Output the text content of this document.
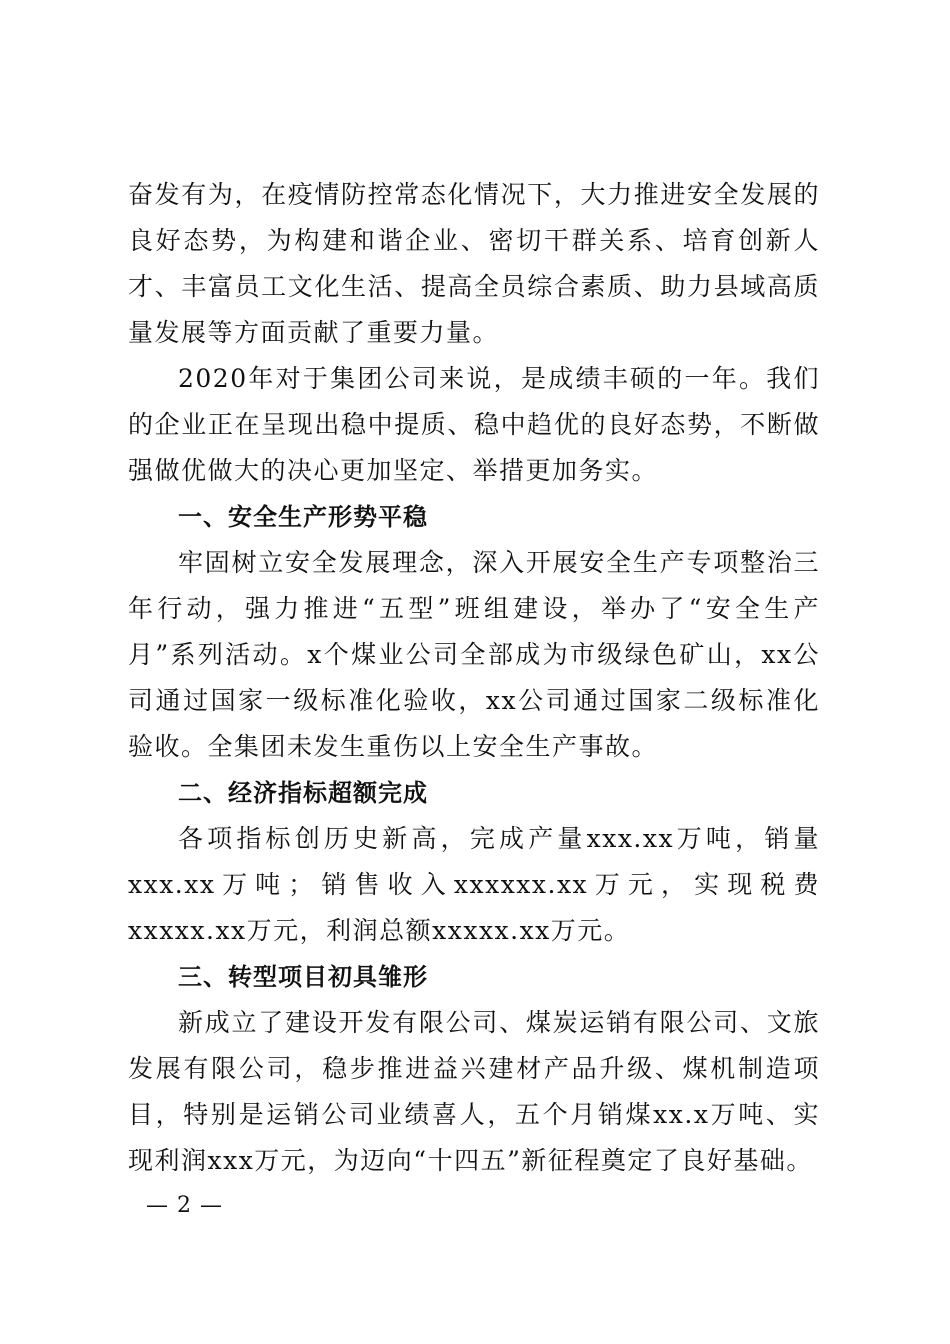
奋发有为，在疫情防控常态化情况下，大力推进安全发展的良好态势，为构建和谐企业、密切干群关系、培育创新人才、丰富员工文化生活、提高全员综合素质、助力县域高质量发展等方面贡献了重要力量。

2020年对于集团公司来说，是成绩丰硕的一年。我们的企业正在呈现出稳中提质、稳中趋优的良好态势，不断做强做优做大的决心更加坚定、举措更加务实。

一、安全生产形势平稳

牢固树立安全发展理念，深入开展安全生产专项整治三年行动，强力推进“五型”班组建设，举办了“安全生产月”系列活动。x个煤业公司全部成为市级绿色矿山，xx公司通过国家一级标准化验收，xx公司通过国家二级标准化验收。全集团未发生重伤以上安全生产事故。

二、经济指标超额完成

各项指标创历史新高，完成产量xxx.xx万吨，销量xxx.xx万吨；销售收入xxxxxx.xx万元，实现税费xxxxx.xx万元，利润总额xxxxx.xx万元。

三、转型项目初具雏形

新成立了建设开发有限公司、煤炭运销有限公司、文旅发展有限公司，稳步推进益兴建材产品升级、煤机制造项目，特别是运销公司业绩喜人，五个月销煤xx.x万吨、实现利润xxx万元，为迈向“十四五”新征程奠定了良好基础。

— 2 —
